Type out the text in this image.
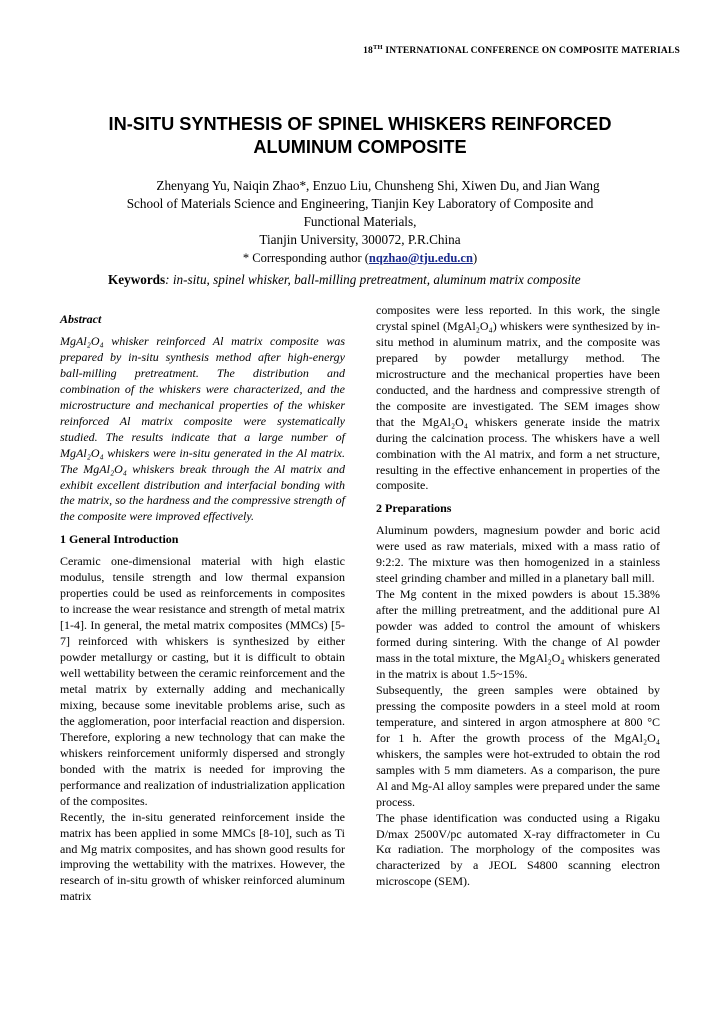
18TH INTERNATIONAL CONFERENCE ON COMPOSITE MATERIALS
IN-SITU SYNTHESIS OF SPINEL WHISKERS REINFORCED
ALUMINUM COMPOSITE
Zhenyang Yu, Naiqin Zhao*, Enzuo Liu, Chunsheng Shi, Xiwen Du, and Jian Wang
School of Materials Science and Engineering, Tianjin Key Laboratory of Composite and
Functional Materials,
Tianjin University, 300072, P.R.China
* Corresponding author (nqzhao@tju.edu.cn)
Keywords: in-situ, spinel whisker, ball-milling pretreatment, aluminum matrix composite

Abstract

MgAl₂O₄ whisker reinforced Al matrix composite was prepared by in-situ synthesis method after high-energy ball-milling pretreatment. The distribution and combination of the whiskers were characterized, and the microstructure and mechanical properties of the whisker reinforced Al matrix composite were systematically studied. The results indicate that a large number of MgAl₂O₄ whiskers were in-situ generated in the Al matrix. The MgAl₂O₄ whiskers break through the Al matrix and exhibit excellent distribution and interfacial bonding with the matrix, so the hardness and the compressive strength of the composite were improved effectively.

1 General Introduction

Ceramic one-dimensional material with high elastic modulus, tensile strength and low thermal expansion properties could be used as reinforcements in composites to increase the wear resistance and strength of metal matrix [1-4]. In general, the metal matrix composites (MMCs) [5-7] reinforced with whiskers is synthesized by either powder metallurgy or casting, but it is difficult to obtain well wettability between the ceramic reinforcement and the metal matrix by externally adding and mechanically mixing, because some inevitable problems arise, such as the agglomeration, poor interfacial reaction and dispersion. Therefore, exploring a new technology that can make the whiskers reinforcement uniformly dispersed and strongly bonded with the matrix is needed for improving the performance and realization of industrialization application of the composites.

Recently, the in-situ generated reinforcement inside the matrix has been applied in some MMCs [8-10], such as Ti and Mg matrix composites, and has shown good results for improving the wettability with the matrixes. However, the research of in-situ growth of whisker reinforced aluminum matrix

composites were less reported. In this work, the single crystal spinel (MgAl₂O₄) whiskers were synthesized by in-situ method in aluminum matrix, and the composite was prepared by powder metallurgy method. The microstructure and the mechanical properties have been conducted, and the hardness and compressive strength of the composite are investigated. The SEM images show that the MgAl₂O₄ whiskers generate inside the matrix during the calcination process. The whiskers have a well combination with the Al matrix, and form a net structure, resulting in the effective enhancement in properties of the composite.

2 Preparations

Aluminum powders, magnesium powder and boric acid were used as raw materials, mixed with a mass ratio of 9:2:2. The mixture was then homogenized in a stainless steel grinding chamber and milled in a planetary ball mill.

The Mg content in the mixed powders is about 15.38% after the milling pretreatment, and the additional pure Al powder was added to control the amount of whiskers formed during sintering. With the change of Al powder mass in the total mixture, the MgAl₂O₄ whiskers generated in the matrix is about 1.5~15%.

Subsequently, the green samples were obtained by pressing the composite powders in a steel mold at room temperature, and sintered in argon atmosphere at 800 °C for 1 h. After the growth process of the MgAl₂O₄ whiskers, the samples were hot-extruded to obtain the rod samples with 5 mm diameters. As a comparison, the pure Al and Mg-Al alloy samples were prepared under the same process.

The phase identification was conducted using a Rigaku D/max 2500V/pc automated X-ray diffractometer in Cu Kα radiation. The morphology of the composites was characterized by a JEOL S4800 scanning electron microscope (SEM).
